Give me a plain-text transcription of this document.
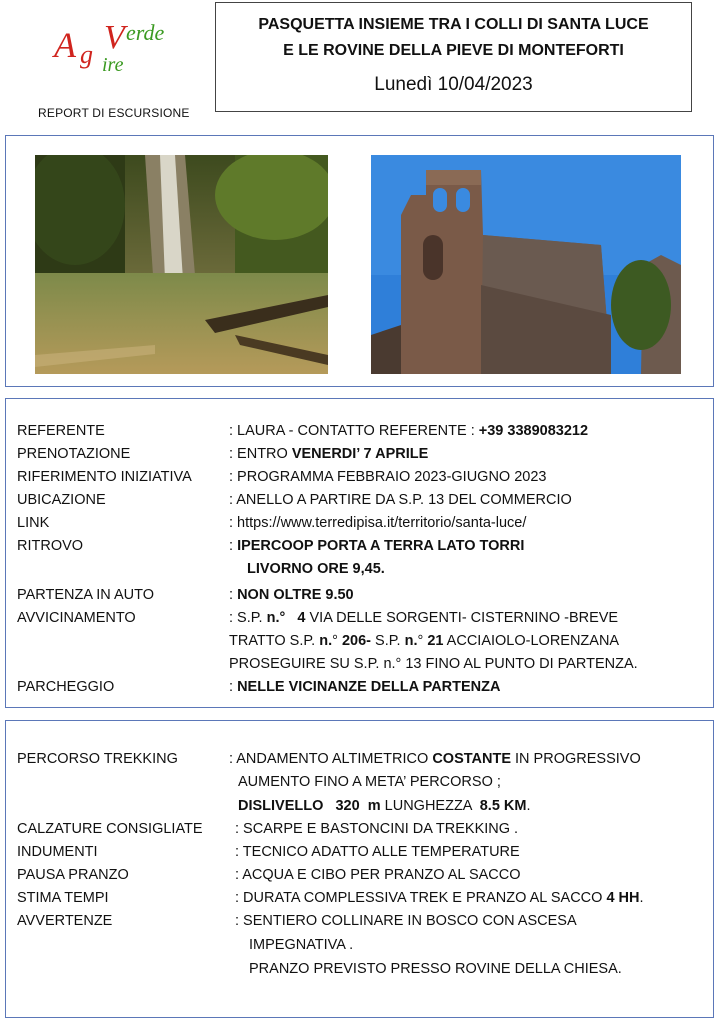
A g V erde
ire
REPORT DI ESCURSIONE
PASQUETTA INSIEME TRA I COLLI DI SANTA LUCE
E LE ROVINE DELLA PIEVE DI MONTEFORTI
Lunedì 10/04/2023
REFERENTE	: LAURA - CONTATTO REFERENTE : +39 3389083212
PRENOTAZIONE	: ENTRO VENERDI’ 7 APRILE
RIFERIMENTO INIZIATIVA	: PROGRAMMA FEBBRAIO 2023-GIUGNO 2023
UBICAZIONE	: ANELLO A PARTIRE DA S.P. 13 DEL COMMERCIO
LINK	: https://www.terredipisa.it/territorio/santa-luce/
RITROVO	: IPERCOOP PORTA A TERRA LATO TORRI
LIVORNO ORE 9,45.
PARTENZA IN AUTO	: NON OLTRE 9.50
AVVICINAMENTO	: S.P. n.° 4 VIA DELLE SORGENTI- CISTERNINO -BREVE
TRATTO S.P. n.° 206- S.P. n.° 21 ACCIAIOLO-LORENZANA
PROSEGUIRE SU S.P. n.° 13 FINO AL PUNTO DI PARTENZA.
PARCHEGGIO	: NELLE VICINANZE DELLA PARTENZA
PERCORSO TREKKING	: ANDAMENTO ALTIMETRICO COSTANTE IN PROGRESSIVO
AUMENTO FINO A META’ PERCORSO ;
DISLIVELLO   320  m LUNGHEZZA  8.5 KM.
CALZATURE CONSIGLIATE : SCARPE E BASTONCINI DA TREKKING .
INDUMENTI	: TECNICO ADATTO ALLE TEMPERATURE
PAUSA PRANZO	: ACQUA E CIBO PER PRANZO AL SACCO
STIMA TEMPI	: DURATA COMPLESSIVA TREK E PRANZO AL SACCO 4 HH.
AVVERTENZE	: SENTIERO COLLINARE IN BOSCO CON ASCESA
IMPEGNATIVA .
PRANZO PREVISTO PRESSO ROVINE DELLA CHIESA.
